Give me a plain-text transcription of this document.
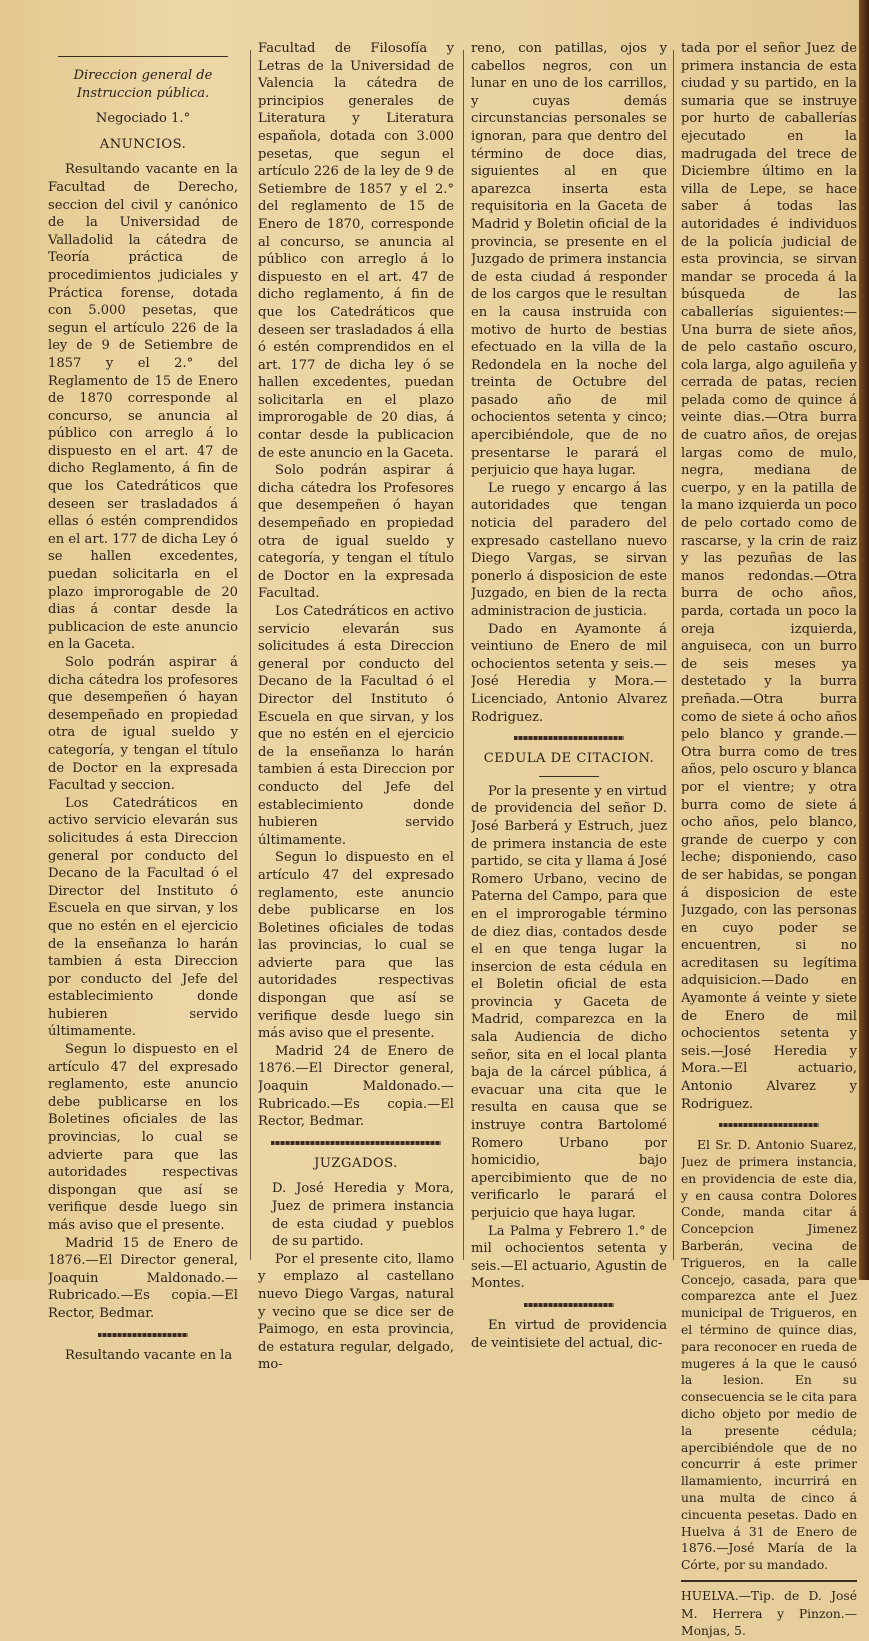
Direccion general de Instruccion pública.

Negociado 1.°

ANUNCIOS.

Resultando vacante en la Facultad de Derecho, seccion del civil y canónico de la Universidad de Valladolid la cátedra de Teoría práctica de procedimientos judiciales y Práctica forense, dotada con 5.000 pesetas, que segun el artículo 226 de la ley de 9 de Setiembre de 1857 y el 2.° del Reglamento de 15 de Enero de 1870 corresponde al concurso, se anuncia al público con arreglo á lo dispuesto en el art. 47 de dicho Reglamento, á fin de que los Catedráticos que deseen ser trasladados á ellas ó estén comprendidos en el art. 177 de dicha Ley ó se hallen excedentes, puedan solicitarla en el plazo improrogable de 20 dias á contar desde la publicacion de este anuncio en la Gaceta.

Solo podrán aspirar á dicha cátedra los profesores que desempeñen ó hayan desempeñado en propiedad otra de igual sueldo y categoría, y tengan el título de Doctor en la expresada Facultad y seccion.

Los Catedráticos en activo servicio elevarán sus solicitudes á esta Direccion general por conducto del Decano de la Facultad ó el Director del Instituto ó Escuela en que sirvan, y los que no estén en el ejercicio de la enseñanza lo harán tambien á esta Direccion por conducto del Jefe del establecimiento donde hubieren servido últimamente.

Segun lo dispuesto en el artículo 47 del expresado reglamento, este anuncio debe publicarse en los Boletines oficiales de las provincias, lo cual se advierte para que las autoridades respectivas dispongan que así se verifique desde luego sin más aviso que el presente.

Madrid 15 de Enero de 1876.—El Director general, Joaquin Maldonado.—Rubricado.—Es copia.—El Rector, Bedmar.

Resultando vacante en la

Facultad de Filosofía y Letras de la Universidad de Valencia la cátedra de principios generales de Literatura y Literatura española, dotada con 3.000 pesetas, que segun el artículo 226 de la ley de 9 de Setiembre de 1857 y el 2.° del reglamento de 15 de Enero de 1870, corresponde al concurso, se anuncia al público con arreglo á lo dispuesto en el art. 47 de dicho reglamento, á fin de que los Catedráticos que deseen ser trasladados á ella ó estén comprendidos en el art. 177 de dicha ley ó se hallen excedentes, puedan solicitarla en el plazo improrogable de 20 dias, á contar desde la publicacion de este anuncio en la Gaceta.

Solo podrán aspirar á dicha cátedra los Profesores que desempeñen ó hayan desempeñado en propiedad otra de igual sueldo y categoría, y tengan el título de Doctor en la expresada Facultad.

Los Catedráticos en activo servicio elevarán sus solicitudes á esta Direccion general por conducto del Decano de la Facultad ó el Director del Instituto ó Escuela en que sirvan, y los que no estén en el ejercicio de la enseñanza lo harán tambien á esta Direccion por conducto del Jefe del establecimiento donde hubieren servido últimamente.

Segun lo dispuesto en el artículo 47 del expresado reglamento, este anuncio debe publicarse en los Boletines oficiales de todas las provincias, lo cual se advierte para que las autoridades respectivas dispongan que así se verifique desde luego sin más aviso que el presente.

Madrid 24 de Enero de 1876.—El Director general, Joaquin Maldonado.—Rubricado.—Es copia.—El Rector, Bedmar.

JUZGADOS.

D. José Heredia y Mora, Juez de primera instancia de esta ciudad y pueblos de su partido.

Por el presente cito, llamo y emplazo al castellano nuevo Diego Vargas, natural y vecino que se dice ser de Paimogo, en esta provincia, de estatura regular, delgado, mo-

reno, con patillas, ojos y cabellos negros, con un lunar en uno de los carrillos, y cuyas demás circunstancias personales se ignoran, para que dentro del término de doce dias, siguientes al en que aparezca inserta esta requisitoria en la Gaceta de Madrid y Boletin oficial de la provincia, se presente en el Juzgado de primera instancia de esta ciudad á responder de los cargos que le resultan en la causa instruida con motivo de hurto de bestias efectuado en la villa de la Redondela en la noche del treinta de Octubre del pasado año de mil ochocientos setenta y cinco; apercibiéndole, que de no presentarse le parará el perjuicio que haya lugar.

Le ruego y encargo á las autoridades que tengan noticia del paradero del expresado castellano nuevo Diego Vargas, se sirvan ponerlo á disposicion de este Juzgado, en bien de la recta administracion de justicia.

Dado en Ayamonte á veintiuno de Enero de mil ochocientos setenta y seis.—José Heredia y Mora.—Licenciado, Antonio Alvarez Rodriguez.

CEDULA DE CITACION.

Por la presente y en virtud de providencia del señor D. José Barberá y Estruch, juez de primera instancia de este partido, se cita y llama á José Romero Urbano, vecino de Paterna del Campo, para que en el improrogable término de diez dias, contados desde el en que tenga lugar la insercion de esta cédula en el Boletin oficial de esta provincia y Gaceta de Madrid, comparezca en la sala Audiencia de dicho señor, sita en el local planta baja de la cárcel pública, á evacuar una cita que le resulta en causa que se instruye contra Bartolomé Romero Urbano por homicidio, bajo apercibimiento que de no verificarlo le parará el perjuicio que haya lugar.

La Palma y Febrero 1.° de mil ochocientos setenta y seis.—El actuario, Agustin de Montes.

En virtud de providencia de veintisiete del actual, dic-

tada por el señor Juez de primera instancia de esta ciudad y su partido, en la sumaria que se instruye por hurto de caballerías ejecutado en la madrugada del trece de Diciembre último en la villa de Lepe, se hace saber á todas las autoridades é individuos de la policía judicial de esta provincia, se sirvan mandar se proceda á la búsqueda de las caballerías siguientes:—Una burra de siete años, de pelo castaño oscuro, cola larga, algo aguileña y cerrada de patas, recien pelada como de quince á veinte dias.—Otra burra de cuatro años, de orejas largas como de mulo, negra, mediana de cuerpo, y en la patilla de la mano izquierda un poco de pelo cortado como de rascarse, y la crin de raiz y las pezuñas de las manos redondas.—Otra burra de ocho años, parda, cortada un poco la oreja izquierda, anguiseca, con un burro de seis meses ya destetado y la burra preñada.—Otra burra como de siete á ocho años pelo blanco y grande.—Otra burra como de tres años, pelo oscuro y blanca por el vientre; y otra burra como de siete á ocho años, pelo blanco, grande de cuerpo y con leche; disponiendo, caso de ser habidas, se pongan á disposicion de este Juzgado, con las personas en cuyo poder se encuentren, si no acreditasen su legítima adquisicion.—Dado en Ayamonte á veinte y siete de Enero de mil ochocientos setenta y seis.—José Heredia y Mora.—El actuario, Antonio Alvarez y Rodriguez.

El Sr. D. Antonio Suarez, Juez de primera instancia, en providencia de este dia, y en causa contra Dolores Conde, manda citar á Concepcion Jimenez Barberán, vecina de Trigueros, en la calle Concejo, casada, para que comparezca ante el Juez municipal de Trigueros, en el término de quince dias, para reconocer en rueda de mugeres á la que le causó la lesion. En su consecuencia se le cita para dicho objeto por medio de la presente cédula; apercibiéndole que de no concurrir á este primer llamamiento, incurrirá en una multa de cinco á cincuenta pesetas. Dado en Huelva á 31 de Enero de 1876.—José María de la Córte, por su mandado.

HUELVA.—Tip. de D. José M. Herrera y Pinzon.—Monjas, 5.
